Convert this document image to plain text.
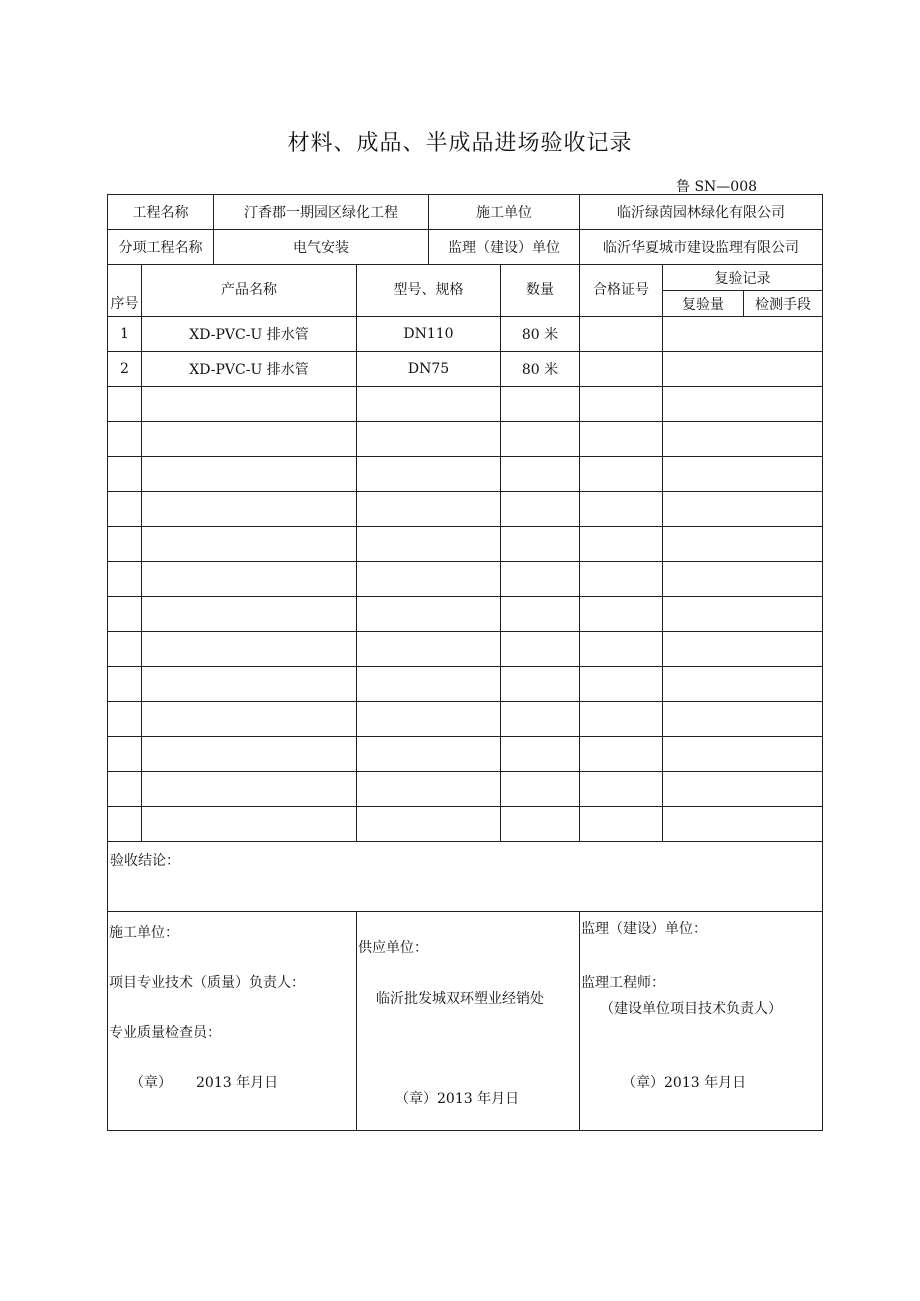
材料、成品、半成品进场验收记录
鲁 SN—008
工程名称		汀香郡一期园区绿化工程		施工单位		临沂绿茵园林绿化有限公司		
分项工程名称		电气安装		监理（建设）单位		临沂华夏城市建设监理有限公司		
序号	产品名称		型号、规格		数量	合格证号	复验记录	
							复验量	检测手段
1	XD-PVC-U 排水管		DN110		80 米			
2	XD-PVC-U 排水管		DN75		80 米			

验收结论：								

施工单位：
项目专业技术（质量）负责人：
专业质量检查员：
（章） 2013 年月日			供应单位：
临沂批发城双环塑业经销处
（章）2013 年月日			监理（建设）单位：
监理工程师：
（建设单位项目技术负责人）
（章）2013 年月日		
